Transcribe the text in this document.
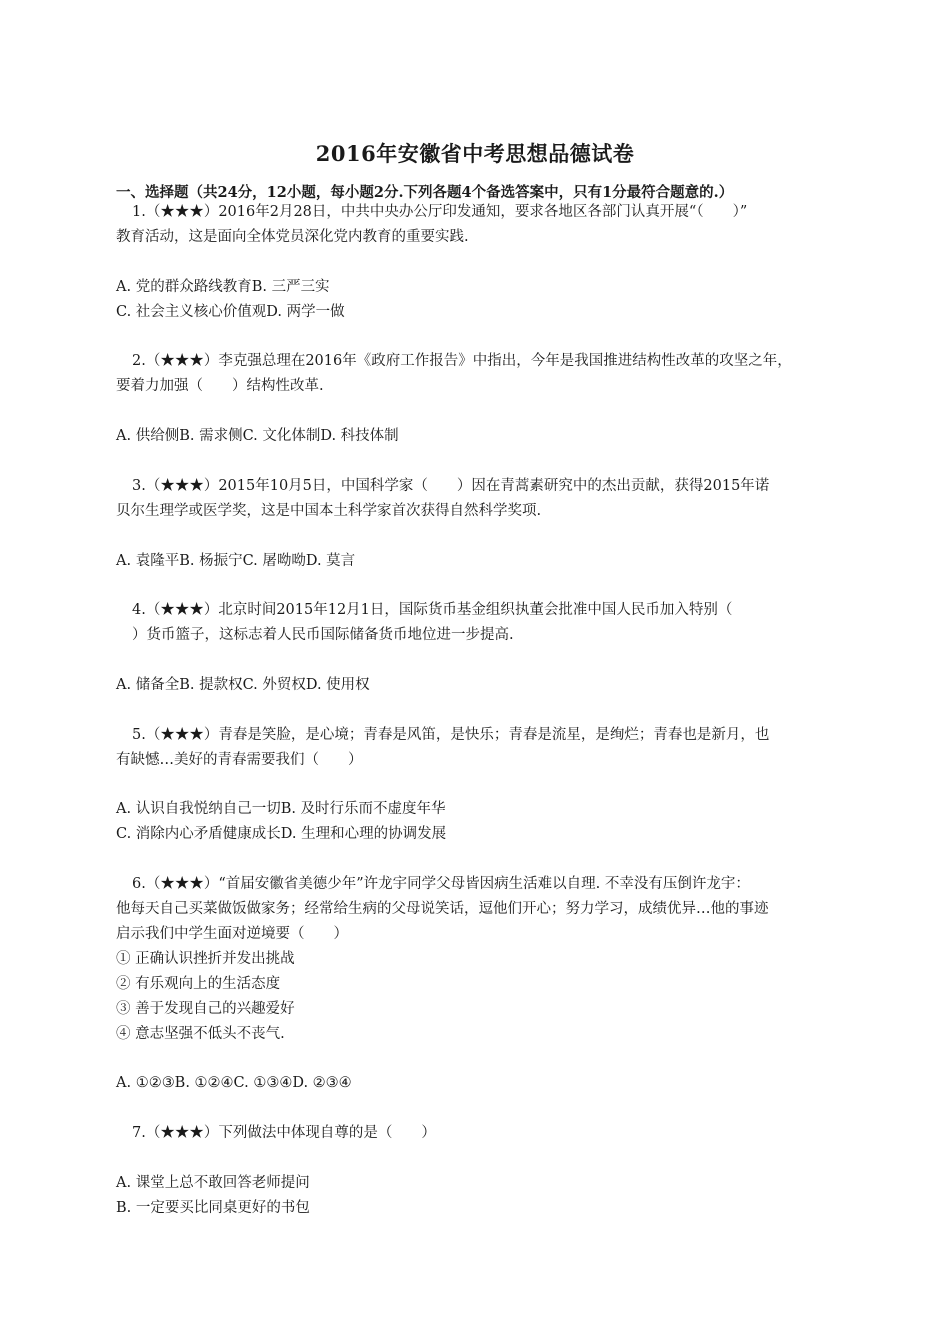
2016年安徽省中考思想品德试卷
一、选择题（共24分，12小题，每小题2分.下列各题4个备选答案中，只有1分最符合题意的.）
1.（★★★）2016年2月28日，中共中央办公厅印发通知，要求各地区各部门认真开展“（　　）”
教育活动，这是面向全体党员深化党内教育的重要实践.
A. 党的群众路线教育B. 三严三实
C. 社会主义核心价值观D. 两学一做
2.（★★★）李克强总理在2016年《政府工作报告》中指出，今年是我国推进结构性改革的攻坚之年，
要着力加强（　　）结构性改革.
A. 供给侧B. 需求侧C. 文化体制D. 科技体制
3.（★★★）2015年10月5日，中国科学家（　　）因在青蒿素研究中的杰出贡献，获得2015年诺
贝尔生理学或医学奖，这是中国本土科学家首次获得自然科学奖项.
A. 袁隆平B. 杨振宁C. 屠呦呦D. 莫言
4.（★★★）北京时间2015年12月1日，国际货币基金组织执董会批准中国人民币加入特别（
）货币篮子，这标志着人民币国际储备货币地位进一步提高.
A. 储备全B. 提款权C. 外贸权D. 使用权
5.（★★★）青春是笑脸，是心境；青春是风笛，是快乐；青春是流星，是绚烂；青春也是新月，也
有缺憾…美好的青春需要我们（　　）
A. 认识自我悦纳自己一切B. 及时行乐而不虚度年华
C. 消除内心矛盾健康成长D. 生理和心理的协调发展
6.（★★★）“首届安徽省美德少年”许龙宇同学父母皆因病生活难以自理. 不幸没有压倒许龙宇：
他每天自己买菜做饭做家务；经常给生病的父母说笑话，逗他们开心；努力学习，成绩优异…他的事迹
启示我们中学生面对逆境要（　　）
① 正确认识挫折并发出挑战
② 有乐观向上的生活态度
③ 善于发现自己的兴趣爱好
④ 意志坚强不低头不丧气.
A. ①②③B. ①②④C. ①③④D. ②③④
7.（★★★）下列做法中体现自尊的是（　　）
A. 课堂上总不敢回答老师提问
B. 一定要买比同桌更好的书包
